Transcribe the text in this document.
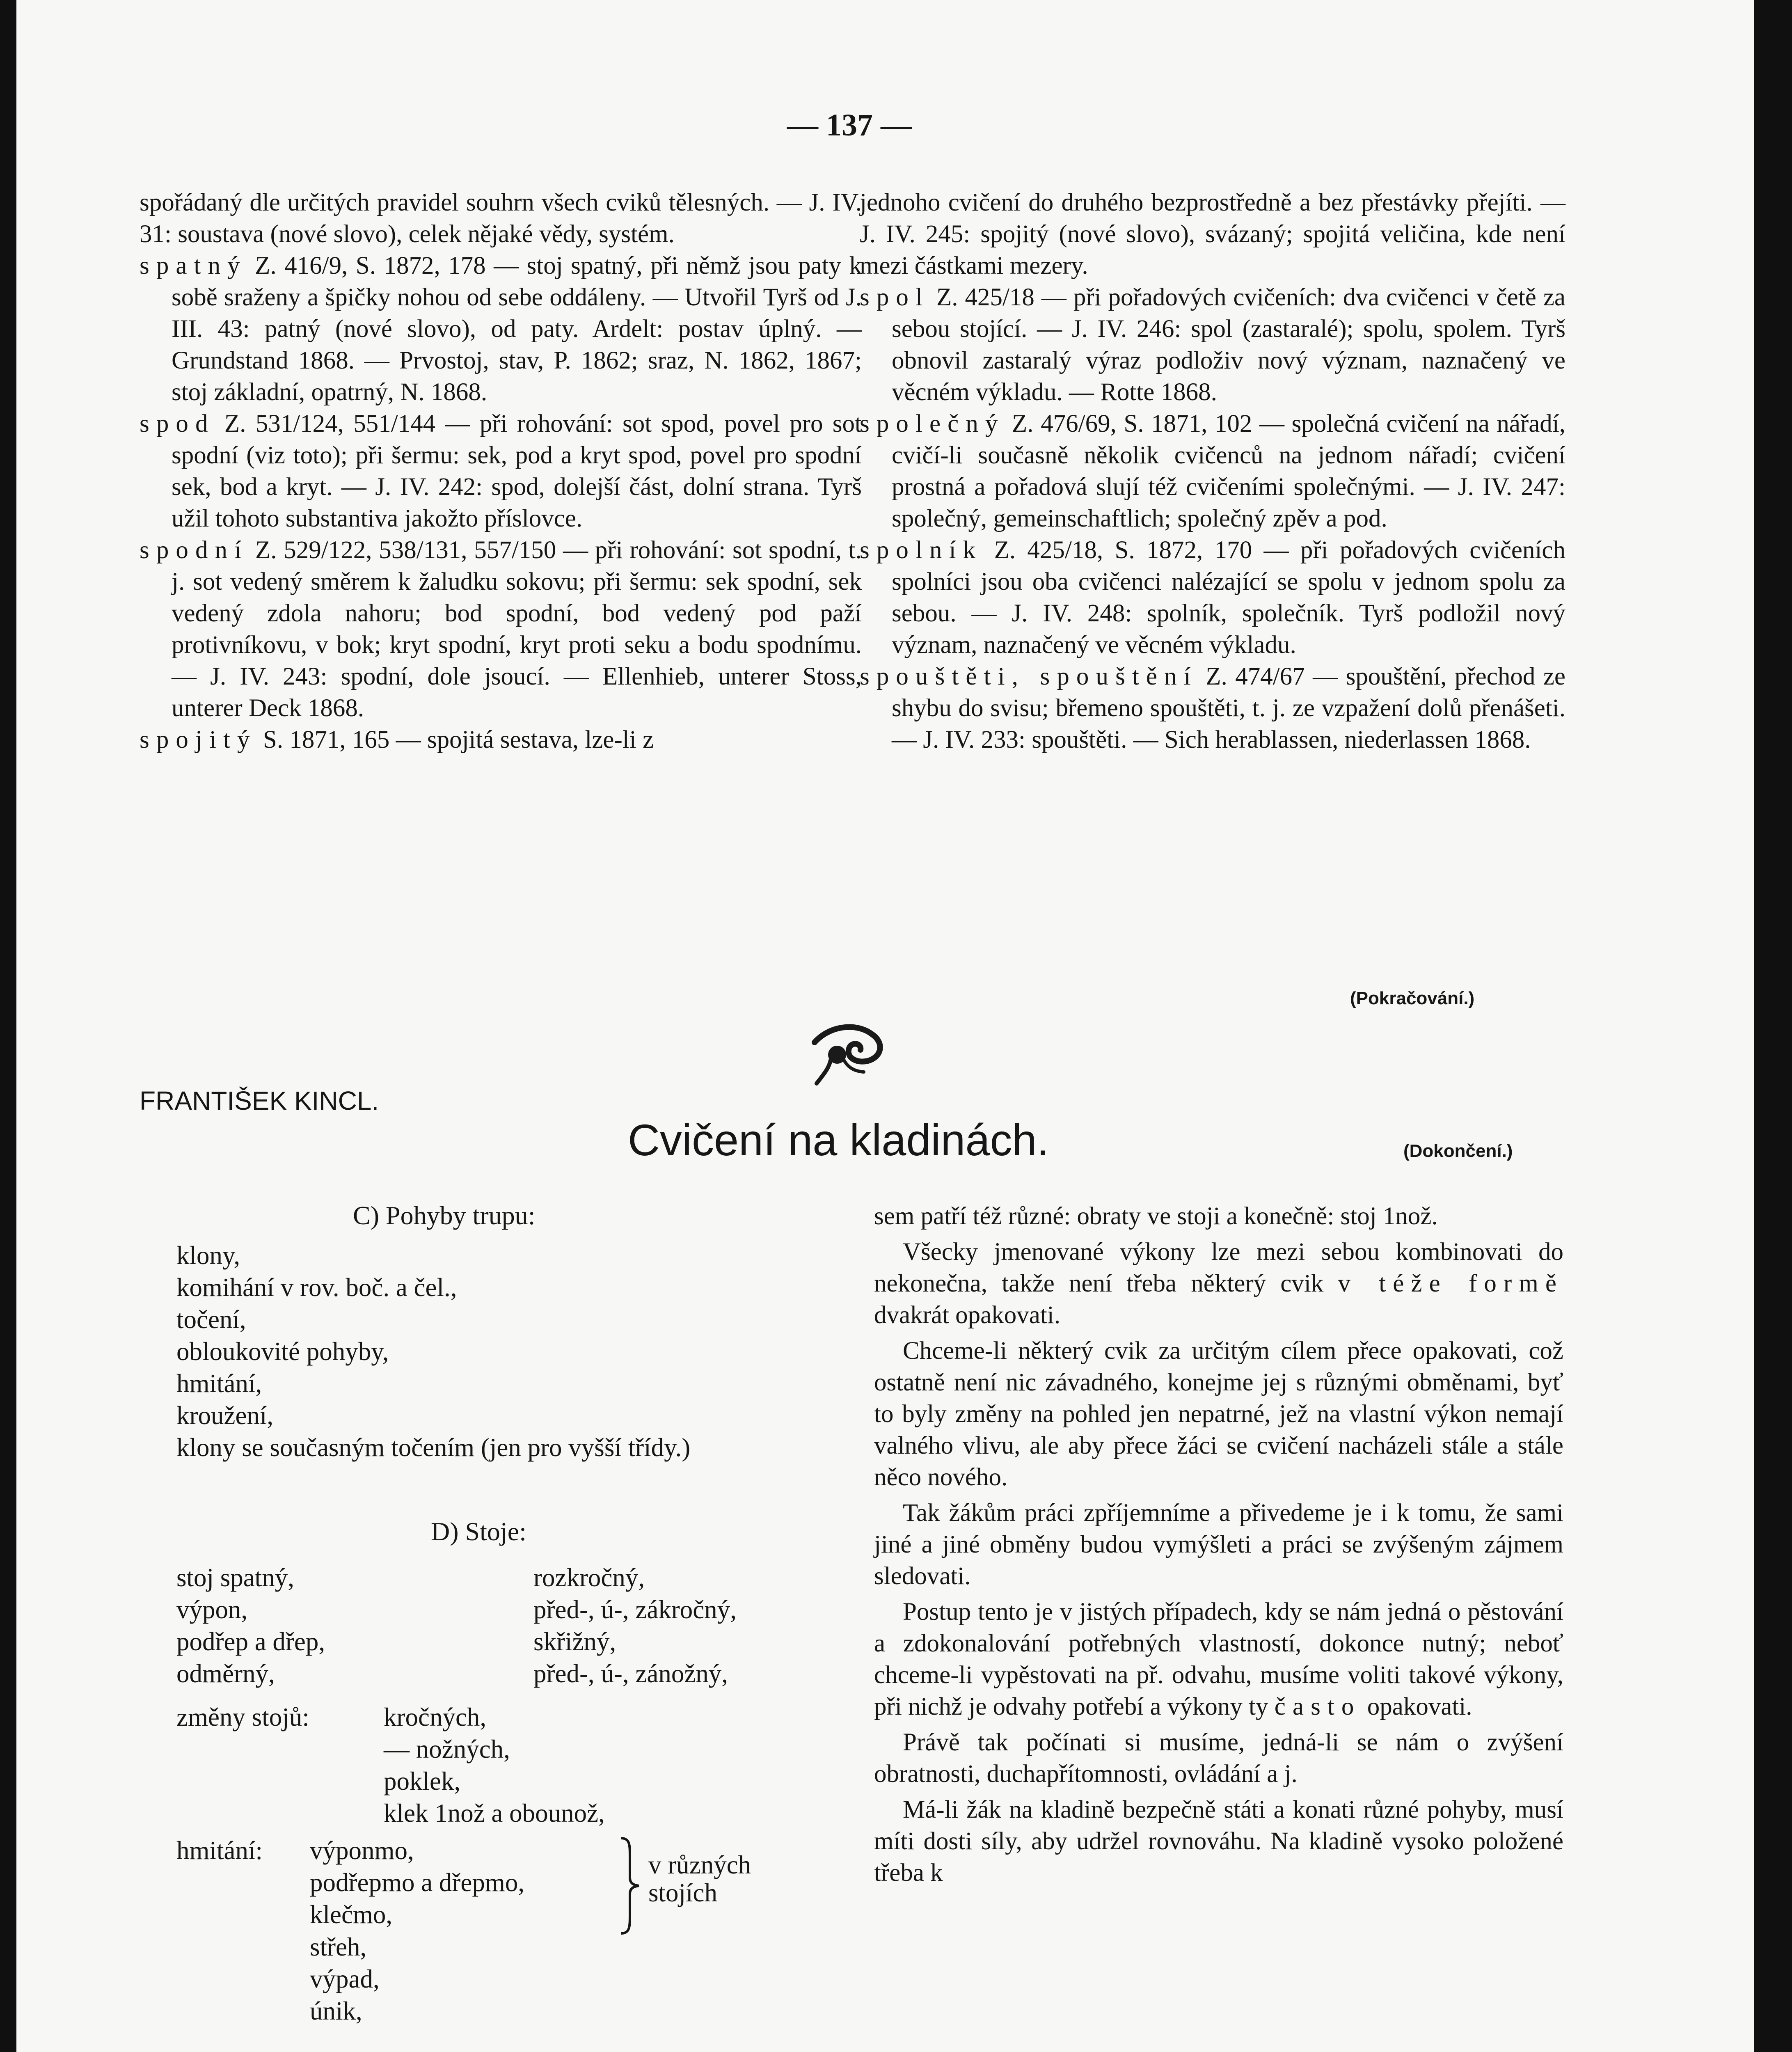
— 137 —

spořádaný dle určitých pravidel souhrn všech cviků tělesných. — J. IV. 31: soustava (nové slovo), celek nějaké vědy, systém.

spatný Z. 416/9, S. 1872, 178 — stoj spatný, při němž jsou paty k sobě sraženy a špičky nohou od sebe oddáleny. — Utvořil Tyrš od J. III. 43: patný (nové slovo), od paty. Ardelt: postav úplný. — Grundstand 1868. — Prvostoj, stav, P. 1862; sraz, N. 1862, 1867; stoj základní, opatrný, N. 1868.

spod Z. 531/124, 551/144 — při rohování: sot spod, povel pro sot spodní (viz toto); při šermu: sek, pod a kryt spod, povel pro spodní sek, bod a kryt. — J. IV. 242: spod, dolejší část, dolní strana. Tyrš užil tohoto substantiva jakožto příslovce.

spodní Z. 529/122, 538/131, 557/150 — při rohování: sot spodní, t. j. sot vedený směrem k žaludku sokovu; při šermu: sek spodní, sek vedený zdola nahoru; bod spodní, bod vedený pod paží protivníkovu, v bok; kryt spodní, kryt proti seku a bodu spodnímu. — J. IV. 243: spodní, dole jsoucí. — Ellenhieb, unterer Stoss, unterer Deck 1868.

spojitý S. 1871, 165 — spojitá sestava, lze-li z

jednoho cvičení do druhého bezprostředně a bez přestávky přejíti. — J. IV. 245: spojitý (nové slovo), svázaný; spojitá veličina, kde není mezi částkami mezery.

spol Z. 425/18 — při pořadových cvičeních: dva cvičenci v četě za sebou stojící. — J. IV. 246: spol (zastaralé); spolu, spolem. Tyrš obnovil zastaralý výraz podloživ nový význam, naznačený ve věcném výkladu. — Rotte 1868.

společný Z. 476/69, S. 1871, 102 — společná cvičení na nářadí, cvičí-li současně několik cvičenců na jednom nářadí; cvičení prostná a pořadová slují též cvičeními společnými. — J. IV. 247: společný, gemeinschaftlich; společný zpěv a pod.

spolník Z. 425/18, S. 1872, 170 — při pořadových cvičeních spolníci jsou oba cvičenci nalézající se spolu v jednom spolu za sebou. — J. IV. 248: spolník, společník. Tyrš podložil nový význam, naznačený ve věcném výkladu.

spouštěti, spouštění Z. 474/67 — spouštění, přechod ze shybu do svisu; břemeno spouštěti, t. j. ze vzpažení dolů přenášeti. — J. IV. 233: spouštěti. — Sich herablassen, niederlassen 1868.

(Pokračování.)
FRANTIŠEK KINCL.
Cvičení na kladinách.	(Dokončení.)
C) Pohyby trupu:
klony,
komihání v rov. boč. a čel.,
točení,
obloukovité pohyby,
hmitání,
kroužení,
klony se současným točením (jen pro vyšší třídy.)
D) Stoje:
stoj spatný,
výpon,
podřep a dřep,
odměrný,
rozkročný,
před-, ú-, zákročný,
skřižný,
před-, ú-, zánožný,
změny stojů:	kročných,
— nožných,
poklek,
klek 1nož a obounož,
hmitání: výponmo,
podřepmo a dřepmo,
klečmo,
v různých stojích
střeh,
výpad,
únik,

sem patří též různé: obraty ve stoji a konečně: stoj 1nož.

Všecky jmenované výkony lze mezi sebou kombinovati do nekonečna, takže není třeba některý cvik v téže formě dvakrát opakovati.

Chceme-li některý cvik za určitým cílem přece opakovati, což ostatně není nic závadného, konejme jej s různými obměnami, byť to byly změny na pohled jen nepatrné, jež na vlastní výkon nemají valného vlivu, ale aby přece žáci se cvičení nacházeli stále a stále něco nového.

Tak žákům práci zpříjemníme a přivedeme je i k tomu, že sami jiné a jiné obměny budou vymýšleti a práci se zvýšeným zájmem sledovati.

Postup tento je v jistých případech, kdy se nám jedná o pěstování a zdokonalování potřebných vlastností, dokonce nutný; neboť chceme-li vypěstovati na př. odvahu, musíme voliti takové výkony, při nichž je odvahy potřebí a výkony ty často opakovati.

Právě tak počínati si musíme, jedná-li se nám o zvýšení obratnosti, duchapřítomnosti, ovládání a j.

Má-li žák na kladině bezpečně státi a konati různé pohyby, musí míti dosti síly, aby udržel rovnováhu. Na kladině vysoko položené třeba k
